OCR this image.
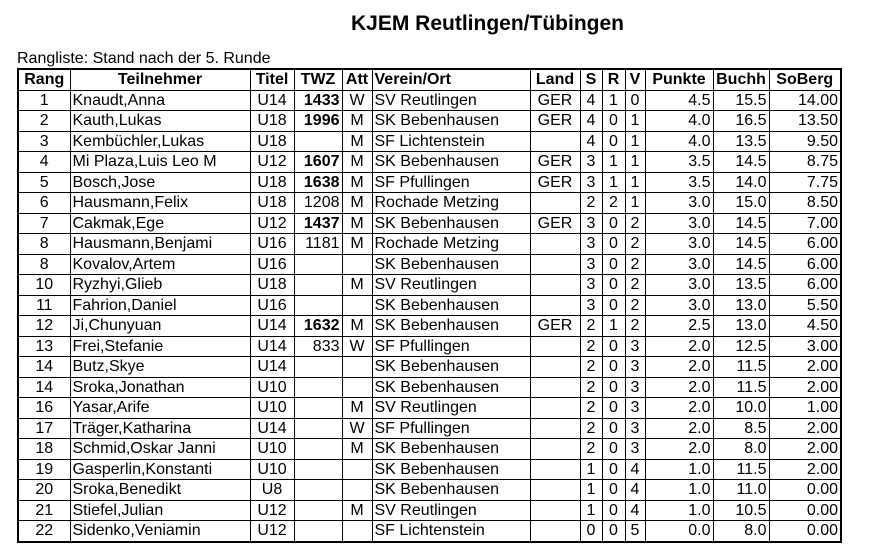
KJEM Reutlingen/Tübingen
Rangliste: Stand nach der 5. Runde
Rang	Teilnehmer	Titel	TWZ	Att	Verein/Ort	Land	S	R	V	Punkte	Buchh	SoBerg
1	Knaudt,Anna	U14	1433	W	SV Reutlingen	GER	4	1	0	4.5	15.5	14.00
2	Kauth,Lukas	U18	1996	M	SK Bebenhausen	GER	4	0	1	4.0	16.5	13.50
3	Kembüchler,Lukas	U18		M	SF Lichtenstein		4	0	1	4.0	13.5	9.50
4	Mi Plaza,Luis Leo M	U12	1607	M	SK Bebenhausen	GER	3	1	1	3.5	14.5	8.75
5	Bosch,Jose	U18	1638	M	SF Pfullingen	GER	3	1	1	3.5	14.0	7.75
6	Hausmann,Felix	U18	1208	M	Rochade Metzing		2	2	1	3.0	15.0	8.50
7	Cakmak,Ege	U12	1437	M	SK Bebenhausen	GER	3	0	2	3.0	14.5	7.00
8	Hausmann,Benjami	U16	1181	M	Rochade Metzing		3	0	2	3.0	14.5	6.00
8	Kovalov,Artem	U16			SK Bebenhausen		3	0	2	3.0	14.5	6.00
10	Ryzhyi,Glieb	U18		M	SV Reutlingen		3	0	2	3.0	13.5	6.00
11	Fahrion,Daniel	U16			SK Bebenhausen		3	0	2	3.0	13.0	5.50
12	Ji,Chunyuan	U14	1632	M	SK Bebenhausen	GER	2	1	2	2.5	13.0	4.50
13	Frei,Stefanie	U14	833	W	SF Pfullingen		2	0	3	2.0	12.5	3.00
14	Butz,Skye	U14			SK Bebenhausen		2	0	3	2.0	11.5	2.00
14	Sroka,Jonathan	U10			SK Bebenhausen		2	0	3	2.0	11.5	2.00
16	Yasar,Arife	U10		M	SV Reutlingen		2	0	3	2.0	10.0	1.00
17	Träger,Katharina	U14		W	SF Pfullingen		2	0	3	2.0	8.5	2.00
18	Schmid,Oskar Janni	U10		M	SK Bebenhausen		2	0	3	2.0	8.0	2.00
19	Gasperlin,Konstanti	U10			SK Bebenhausen		1	0	4	1.0	11.5	2.00
20	Sroka,Benedikt	U8			SK Bebenhausen		1	0	4	1.0	11.0	0.00
21	Stiefel,Julian	U12		M	SV Reutlingen		1	0	4	1.0	10.5	0.00
22	Sidenko,Veniamin	U12			SF Lichtenstein		0	0	5	0.0	8.0	0.00
